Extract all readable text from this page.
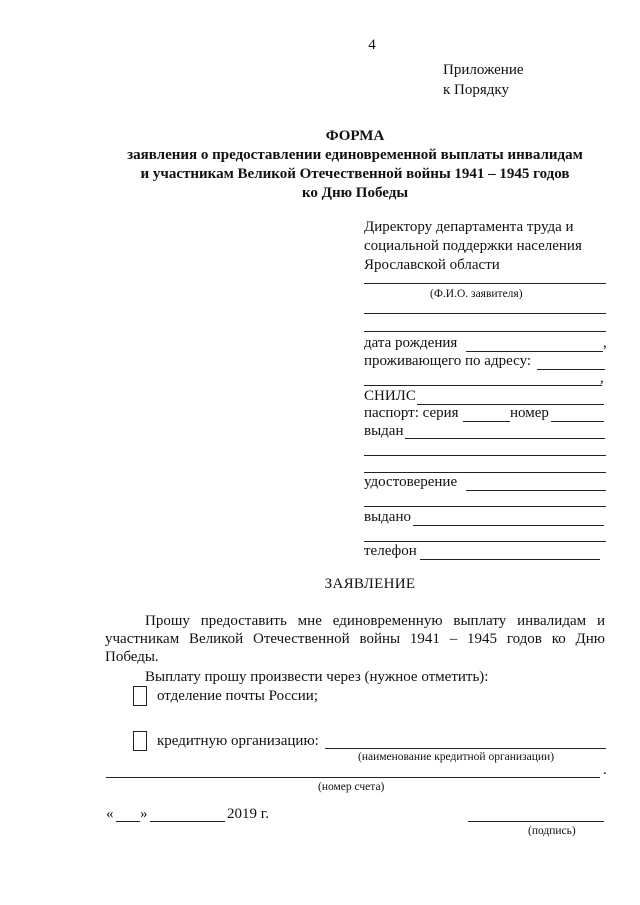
4
Приложение
к Порядку
ФОРМА
заявления о предоставлении единовременной выплаты инвалидам
и участникам Великой Отечественной войны 1941 – 1945 годов
ко Дню Победы
Директору департамента труда и
социальной поддержки населения
Ярославской области
(Ф.И.О. заявителя)
дата рождения	,
проживающего по адресу:
,
СНИЛС
паспорт: серия	номер
выдан
удостоверение
выдано
телефон
ЗАЯВЛЕНИЕ

Прошу предоставить мне единовременную выплату инвалидам и участникам Великой Отечественной войны 1941 – 1945 годов ко Дню Победы.

Выплату прошу произвести через (нужное отметить):

отделение почты России;
кредитную организацию:
(наименование кредитной организации)
.
(номер счета)
« »	2019 г.
(подпись)
